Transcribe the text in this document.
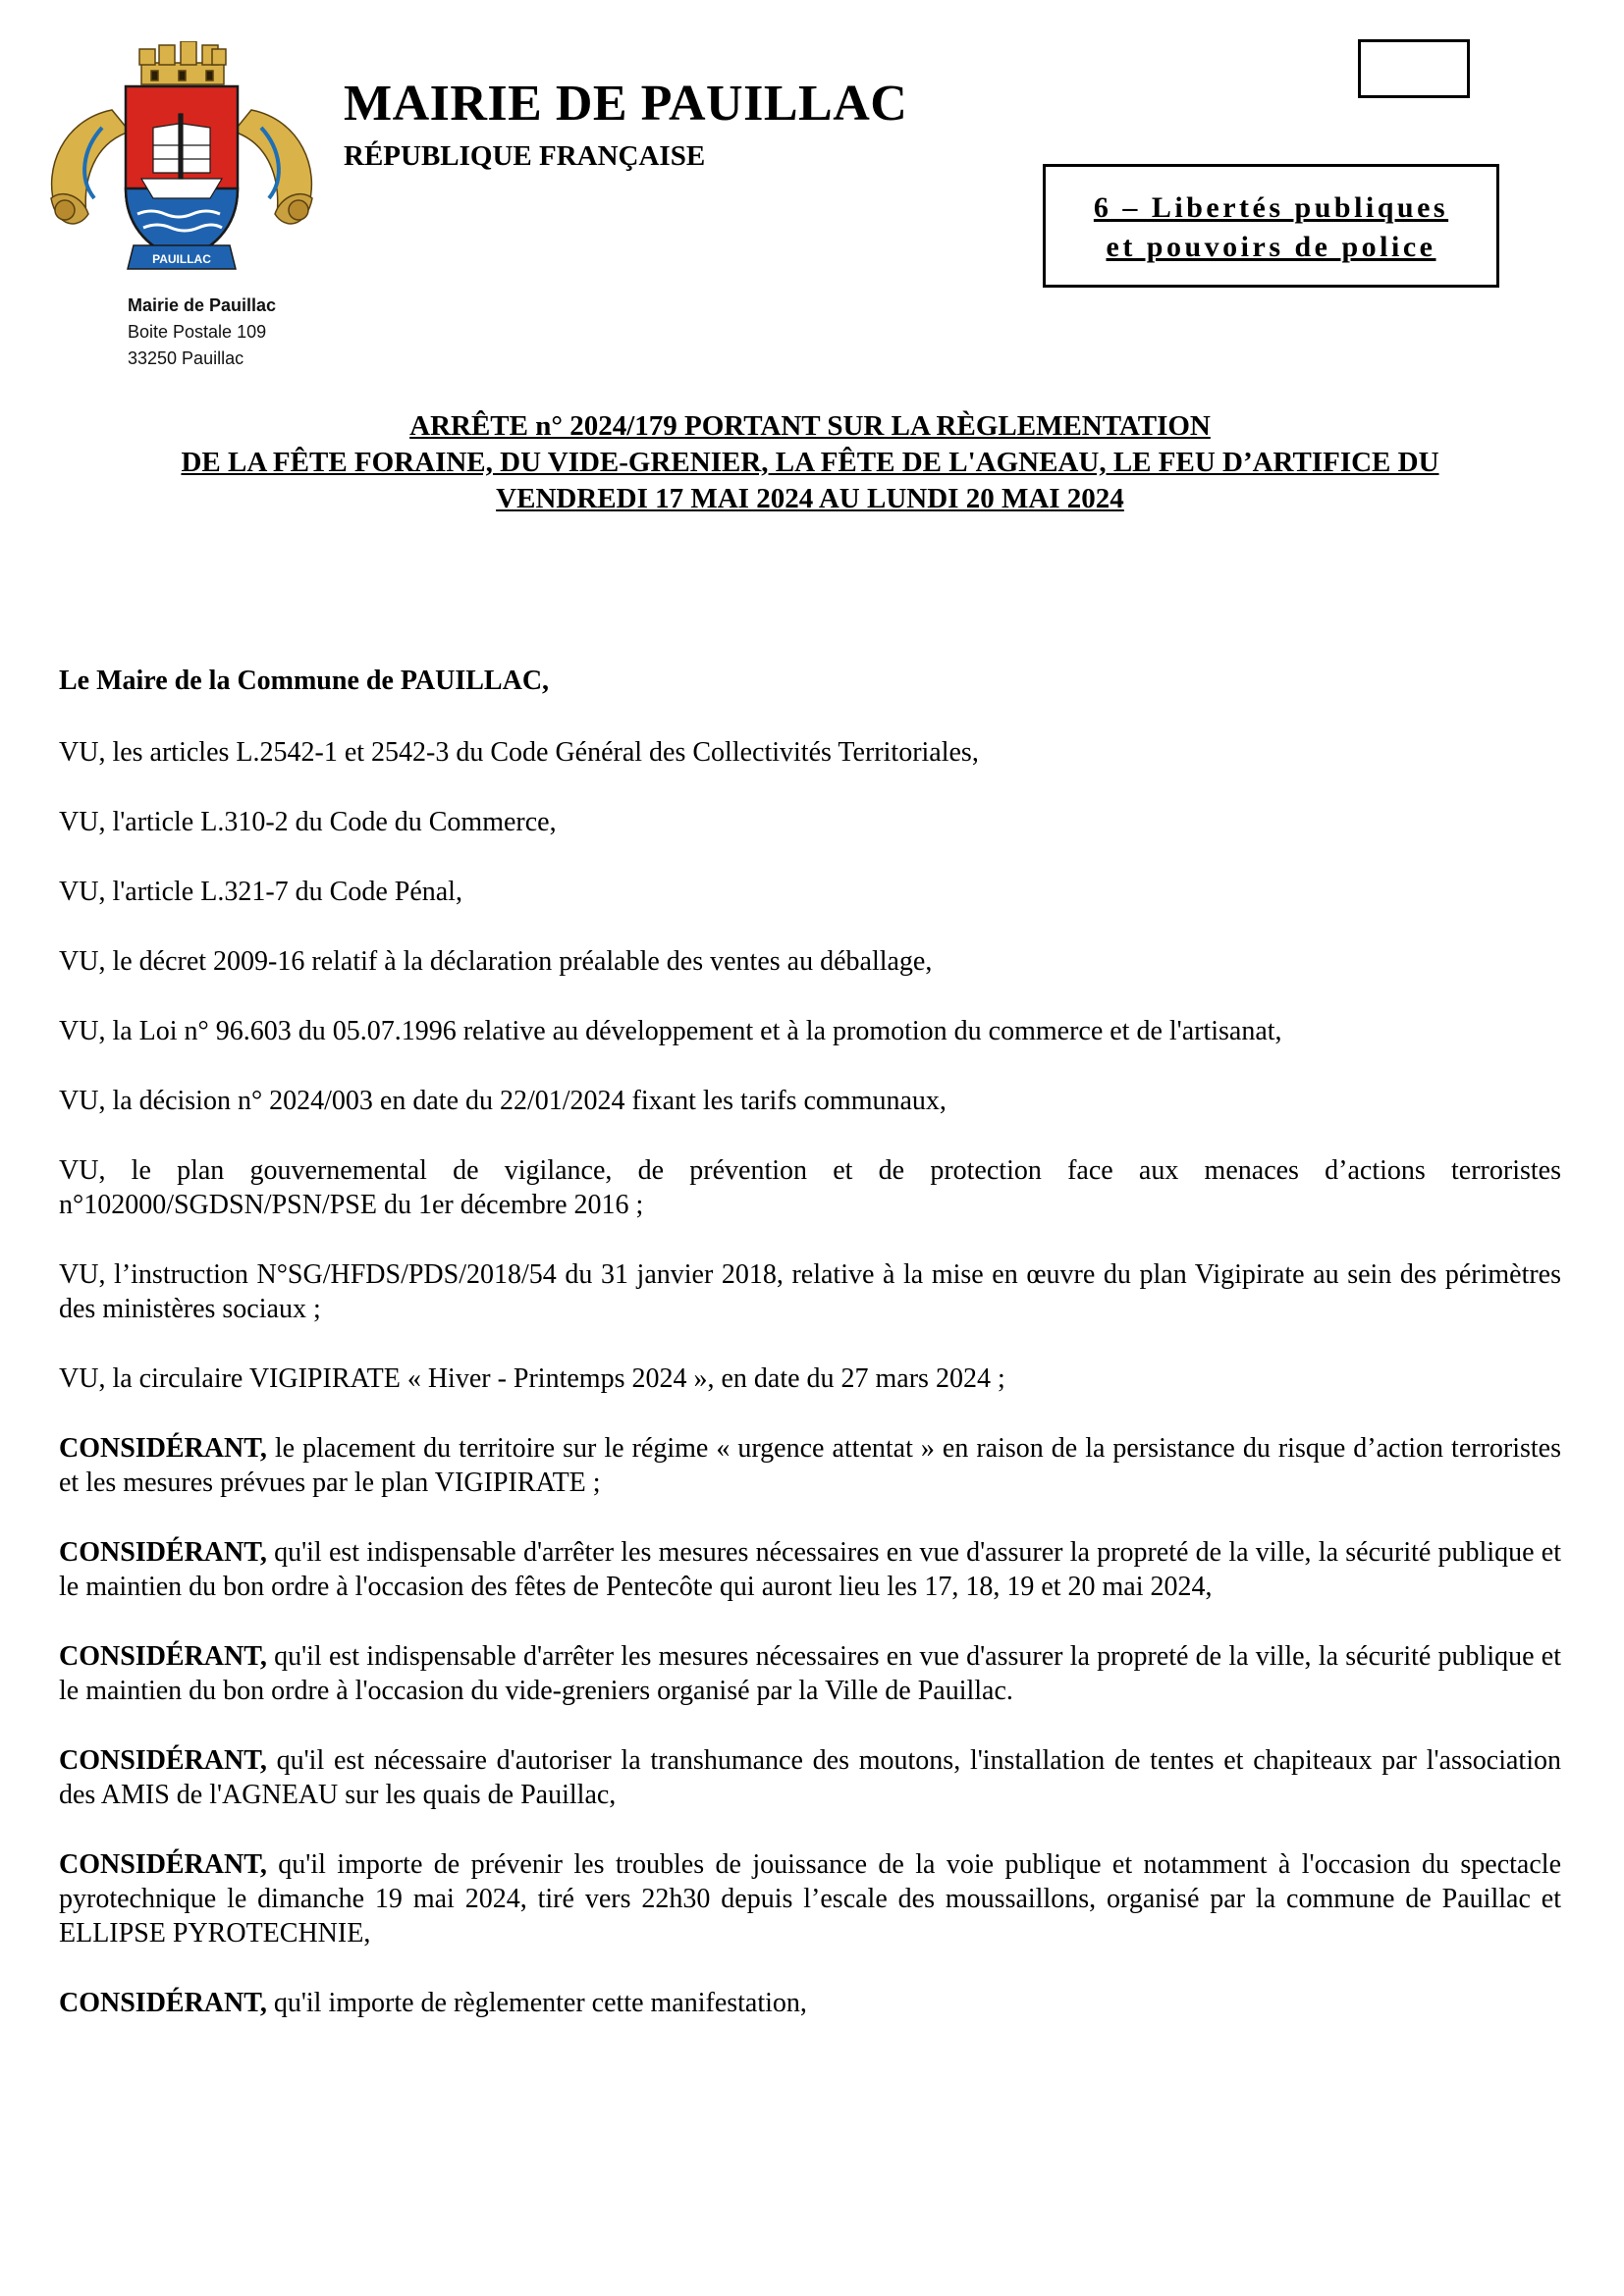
PAUILLAC
Mairie de Pauillac
Boite Postale 109
33250 Pauillac
MAIRIE DE PAUILLAC
RÉPUBLIQUE FRANÇAISE
6 – Libertés publiques
et pouvoirs de police
ARRÊTE n° 2024/179 PORTANT SUR LA RÈGLEMENTATION
DE LA FÊTE FORAINE, DU VIDE-GRENIER, LA FÊTE DE L'AGNEAU, LE FEU D’ARTIFICE DU
VENDREDI 17 MAI 2024 AU LUNDI 20 MAI 2024

Le Maire de la Commune de PAUILLAC,

VU, les articles L.2542-1 et 2542-3 du Code Général des Collectivités Territoriales,

VU, l'article L.310-2 du Code du Commerce,

VU, l'article L.321-7 du Code Pénal,

VU, le décret 2009-16 relatif à la déclaration préalable des ventes au déballage,

VU, la Loi n° 96.603 du 05.07.1996 relative au développement et à la promotion du commerce et de l'artisanat,

VU, la décision n° 2024/003 en date du 22/01/2024 fixant les tarifs communaux,

VU, le plan gouvernemental de vigilance, de prévention et de protection face aux menaces d’actions terroristes n°102000/SGDSN/PSN/PSE du 1er décembre 2016 ;

VU, l’instruction N°SG/HFDS/PDS/2018/54 du 31 janvier 2018, relative à la mise en œuvre du plan Vigipirate au sein des périmètres des ministères sociaux ;

VU, la circulaire VIGIPIRATE « Hiver - Printemps 2024 », en date du 27 mars 2024 ;

CONSIDÉRANT, le placement du territoire sur le régime « urgence attentat » en raison de la persistance du risque d’action terroristes et les mesures prévues par le plan VIGIPIRATE ;

CONSIDÉRANT, qu'il est indispensable d'arrêter les mesures nécessaires en vue d'assurer la propreté de la ville, la sécurité publique et le maintien du bon ordre à l'occasion des fêtes de Pentecôte qui auront lieu les 17, 18, 19 et 20 mai 2024,

CONSIDÉRANT, qu'il est indispensable d'arrêter les mesures nécessaires en vue d'assurer la propreté de la ville, la sécurité publique et le maintien du bon ordre à l'occasion du vide-greniers organisé par la Ville de Pauillac.

CONSIDÉRANT, qu'il est nécessaire d'autoriser la transhumance des moutons, l'installation de tentes et chapiteaux par l'association des AMIS de l'AGNEAU sur les quais de Pauillac,

CONSIDÉRANT, qu'il importe de prévenir les troubles de jouissance de la voie publique et notamment à l'occasion du spectacle pyrotechnique le dimanche 19 mai 2024, tiré vers 22h30 depuis l’escale des moussaillons, organisé par la commune de Pauillac et ELLIPSE PYROTECHNIE,

CONSIDÉRANT, qu'il importe de règlementer cette manifestation,
